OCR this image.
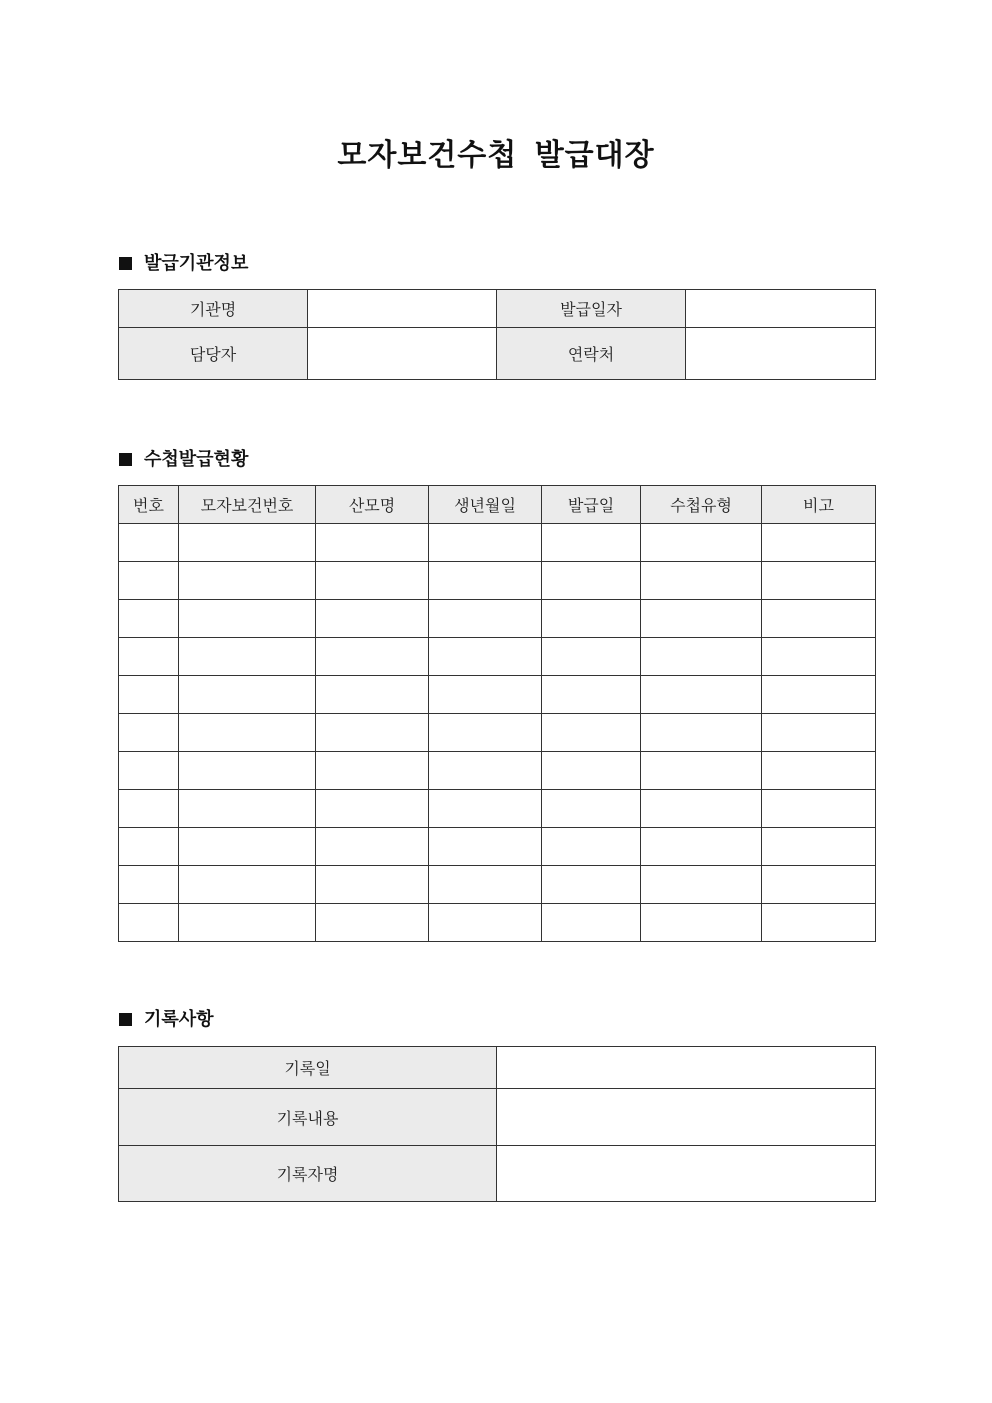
모자보건수첩 발급대장
발급기관정보
기관명		발급일자	
담당자		연락처	
수첩발급현황
번호	모자보건번호	산모명	생년월일	발급일	수첩유형	비고

기록사항
기록일	
기록내용	
기록자명	
